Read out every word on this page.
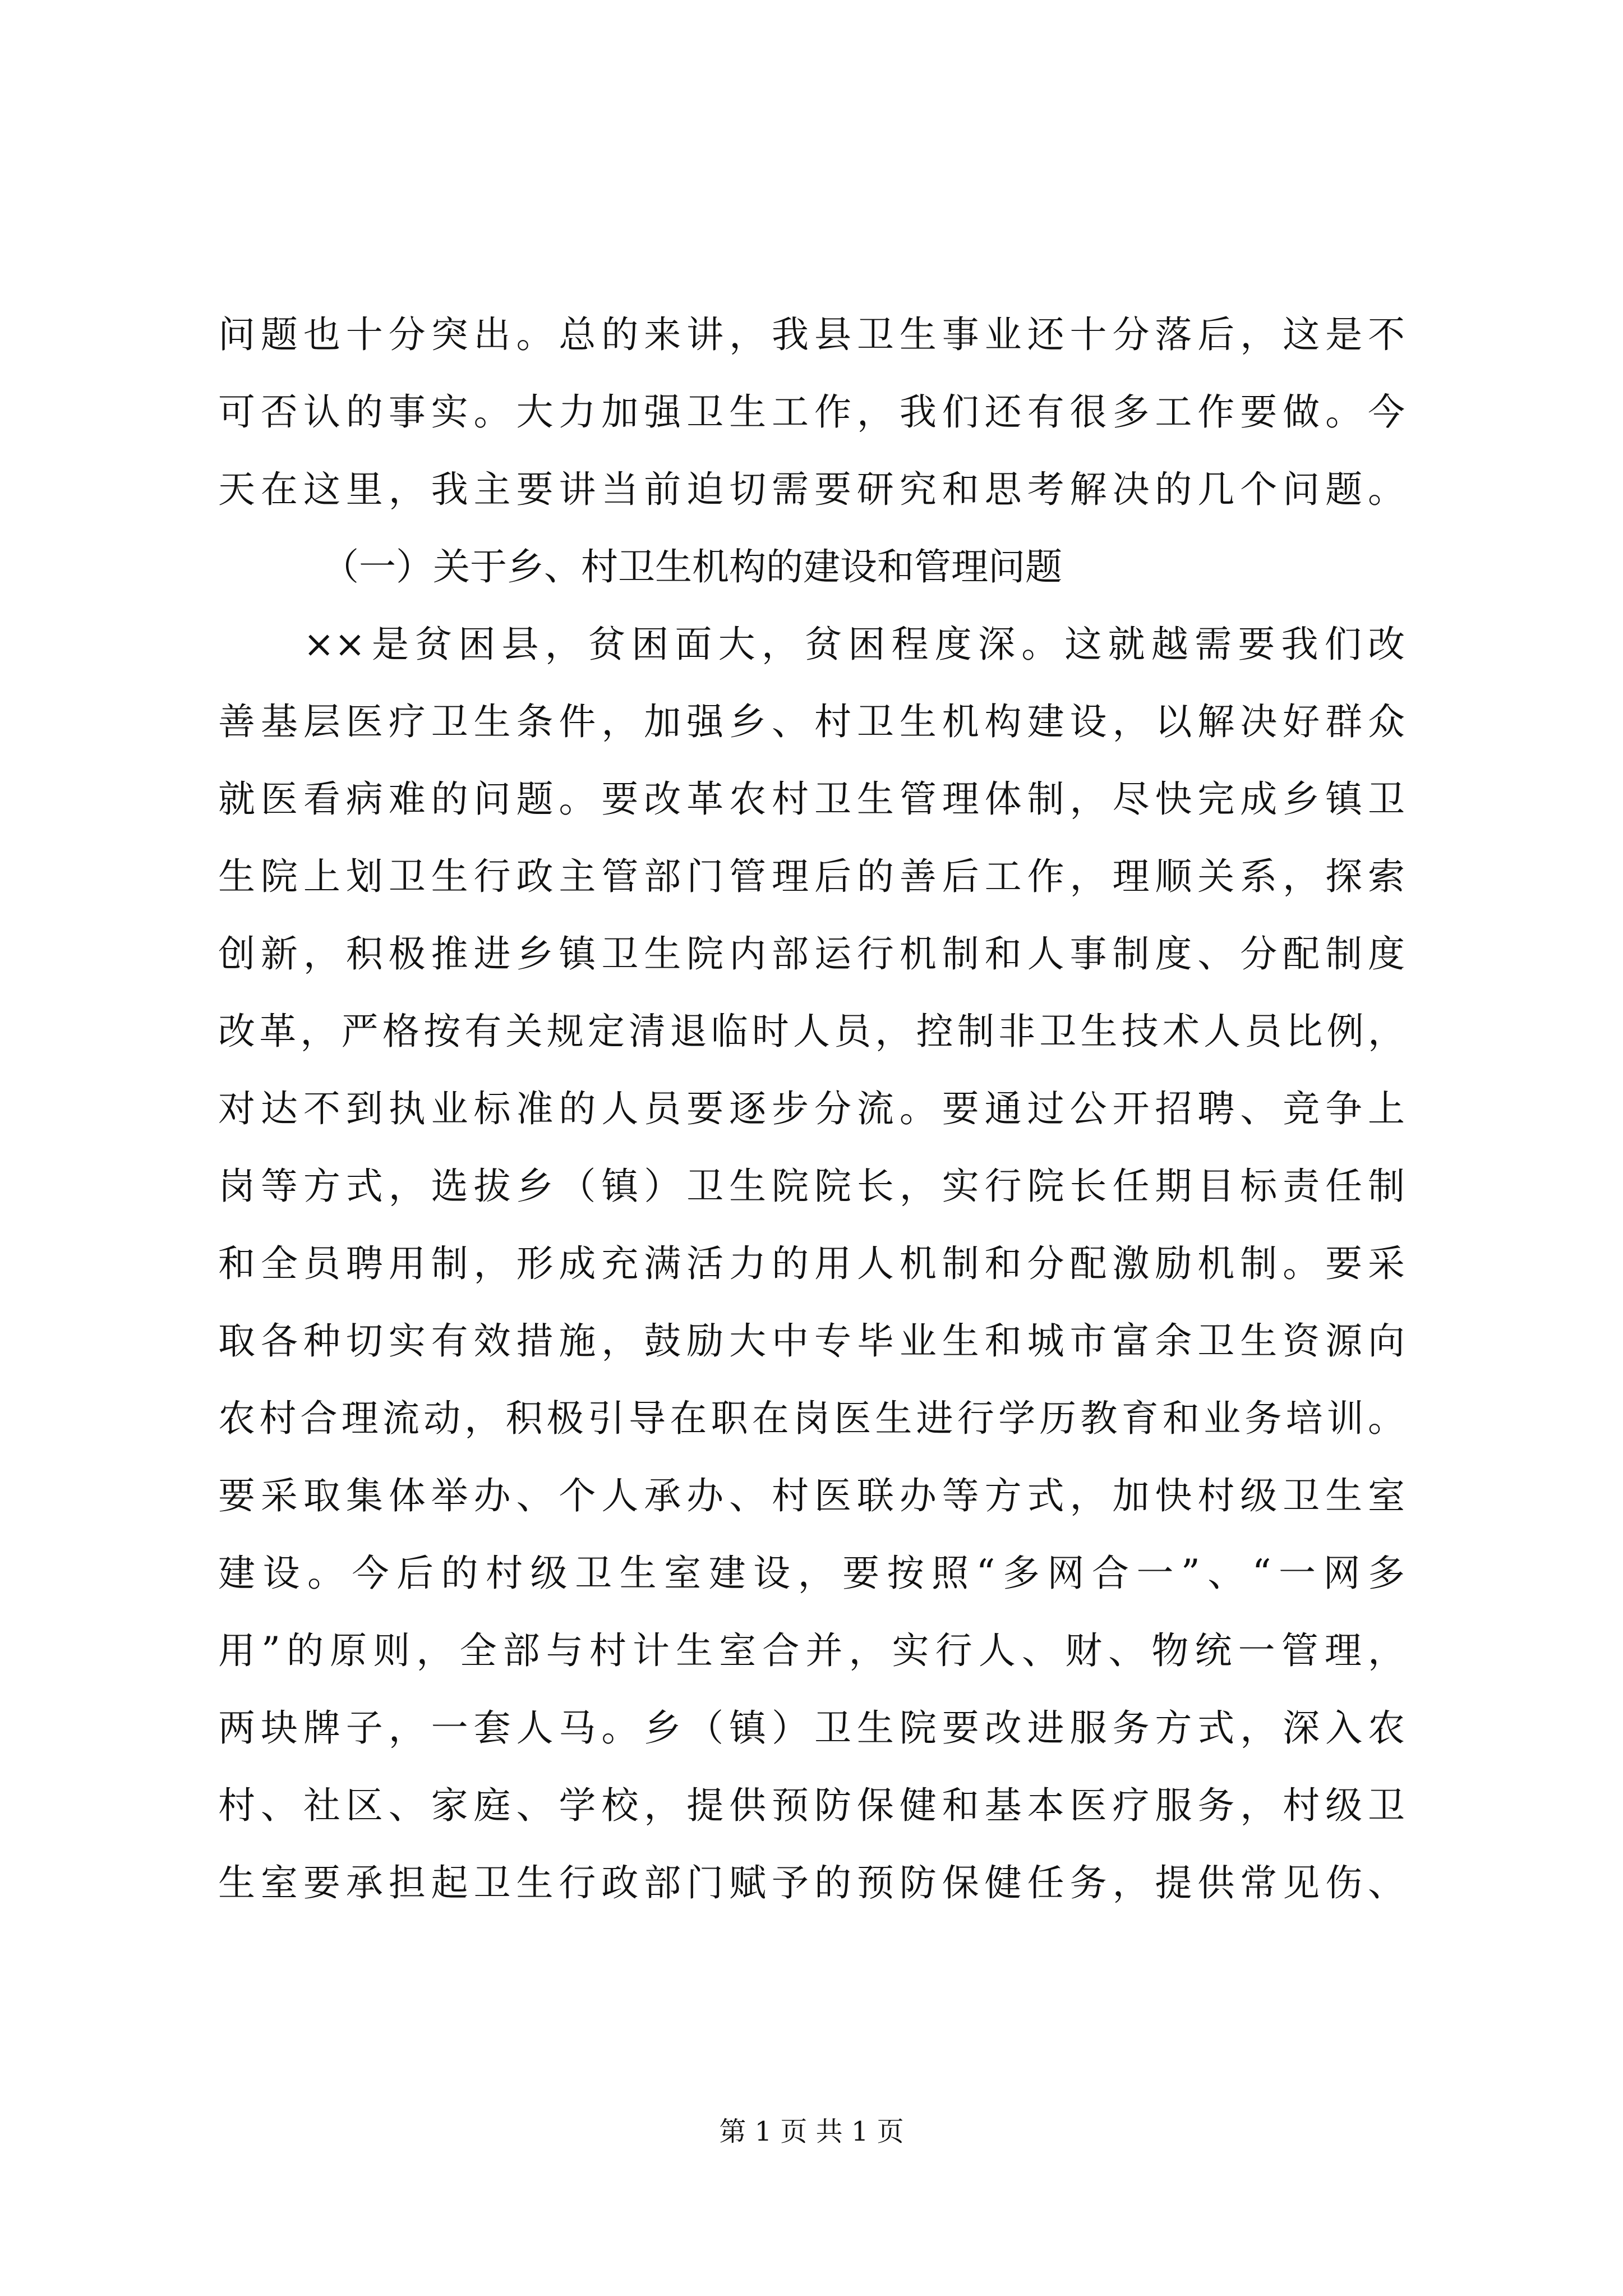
问题也十分突出。总的来讲，我县卫生事业还十分落后，这是不
可否认的事实。大力加强卫生工作，我们还有很多工作要做。今
天在这里，我主要讲当前迫切需要研究和思考解决的几个问题。
（一）关于乡、村卫生机构的建设和管理问题
××是贫困县，贫困面大，贫困程度深。这就越需要我们改
善基层医疗卫生条件，加强乡、村卫生机构建设，以解决好群众
就医看病难的问题。要改革农村卫生管理体制，尽快完成乡镇卫
生院上划卫生行政主管部门管理后的善后工作，理顺关系，探索
创新，积极推进乡镇卫生院内部运行机制和人事制度、分配制度
改革，严格按有关规定清退临时人员，控制非卫生技术人员比例，
对达不到执业标准的人员要逐步分流。要通过公开招聘、竞争上
岗等方式，选拔乡（镇）卫生院院长，实行院长任期目标责任制
和全员聘用制，形成充满活力的用人机制和分配激励机制。要采
取各种切实有效措施，鼓励大中专毕业生和城市富余卫生资源向
农村合理流动，积极引导在职在岗医生进行学历教育和业务培训。
要采取集体举办、个人承办、村医联办等方式，加快村级卫生室
建设。今后的村级卫生室建设，要按照“多网合一”、“一网多
用”的原则，全部与村计生室合并，实行人、财、物统一管理，
两块牌子，一套人马。乡（镇）卫生院要改进服务方式，深入农
村、社区、家庭、学校，提供预防保健和基本医疗服务，村级卫
生室要承担起卫生行政部门赋予的预防保健任务，提供常见伤、
第 1 页 共 1 页
